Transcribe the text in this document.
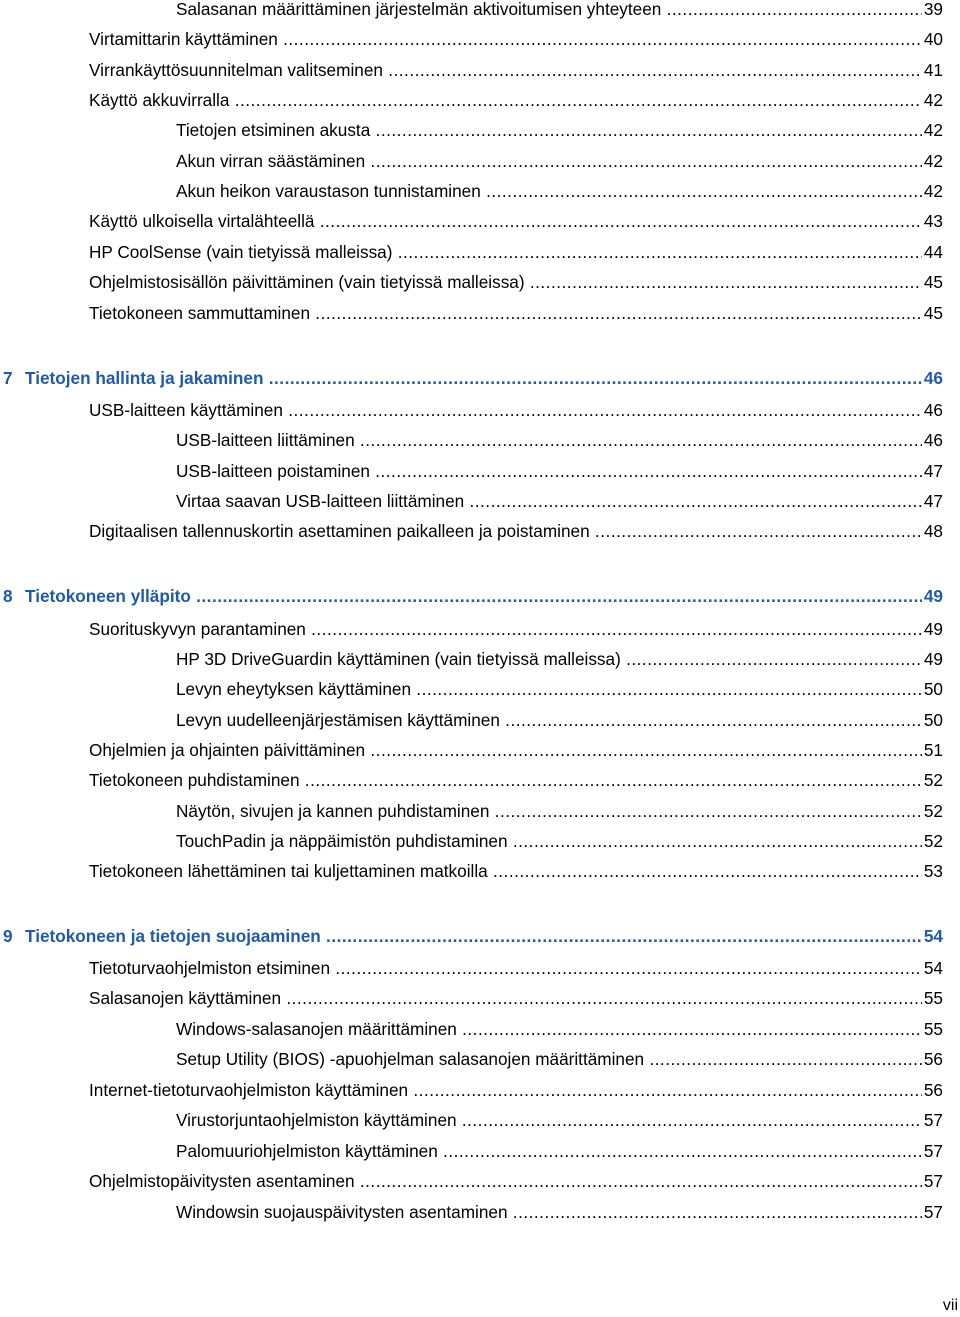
Salasanan määrittäminen järjestelmän aktivoitumisen yhteyteen .....	39
Virtamittarin käyttäminen .....	40
Virrankäyttösuunnitelman valitseminen .....	41
Käyttö akkuvirralla .....	42
Tietojen etsiminen akusta .....	42
Akun virran säästäminen .....	42
Akun heikon varaustason tunnistaminen .....	42
Käyttö ulkoisella virtalähteellä .....	43
HP CoolSense (vain tietyissä malleissa) .....	44
Ohjelmistosisällön päivittäminen (vain tietyissä malleissa) .....	45
Tietokoneen sammuttaminen .....	45
7 Tietojen hallinta ja jakaminen .....	46
USB-laitteen käyttäminen .....	46
USB-laitteen liittäminen .....	46
USB-laitteen poistaminen .....	47
Virtaa saavan USB-laitteen liittäminen .....	47
Digitaalisen tallennuskortin asettaminen paikalleen ja poistaminen .....	48
8 Tietokoneen ylläpito .....	49
Suorituskyvyn parantaminen .....	49
HP 3D DriveGuardin käyttäminen (vain tietyissä malleissa) .....	49
Levyn eheytyksen käyttäminen .....	50
Levyn uudelleenjärjestämisen käyttäminen .....	50
Ohjelmien ja ohjainten päivittäminen .....	51
Tietokoneen puhdistaminen .....	52
Näytön, sivujen ja kannen puhdistaminen .....	52
TouchPadin ja näppäimistön puhdistaminen .....	52
Tietokoneen lähettäminen tai kuljettaminen matkoilla .....	53
9 Tietokoneen ja tietojen suojaaminen .....	54
Tietoturvaohjelmiston etsiminen .....	54
Salasanojen käyttäminen .....	55
Windows-salasanojen määrittäminen .....	55
Setup Utility (BIOS) -apuohjelman salasanojen määrittäminen .....	56
Internet-tietoturvaohjelmiston käyttäminen .....	56
Virustorjuntaohjelmiston käyttäminen .....	57
Palomuuriohjelmiston käyttäminen .....	57
Ohjelmistopäivitysten asentaminen .....	57
Windowsin suojauspäivitysten asentaminen .....	57
vii
